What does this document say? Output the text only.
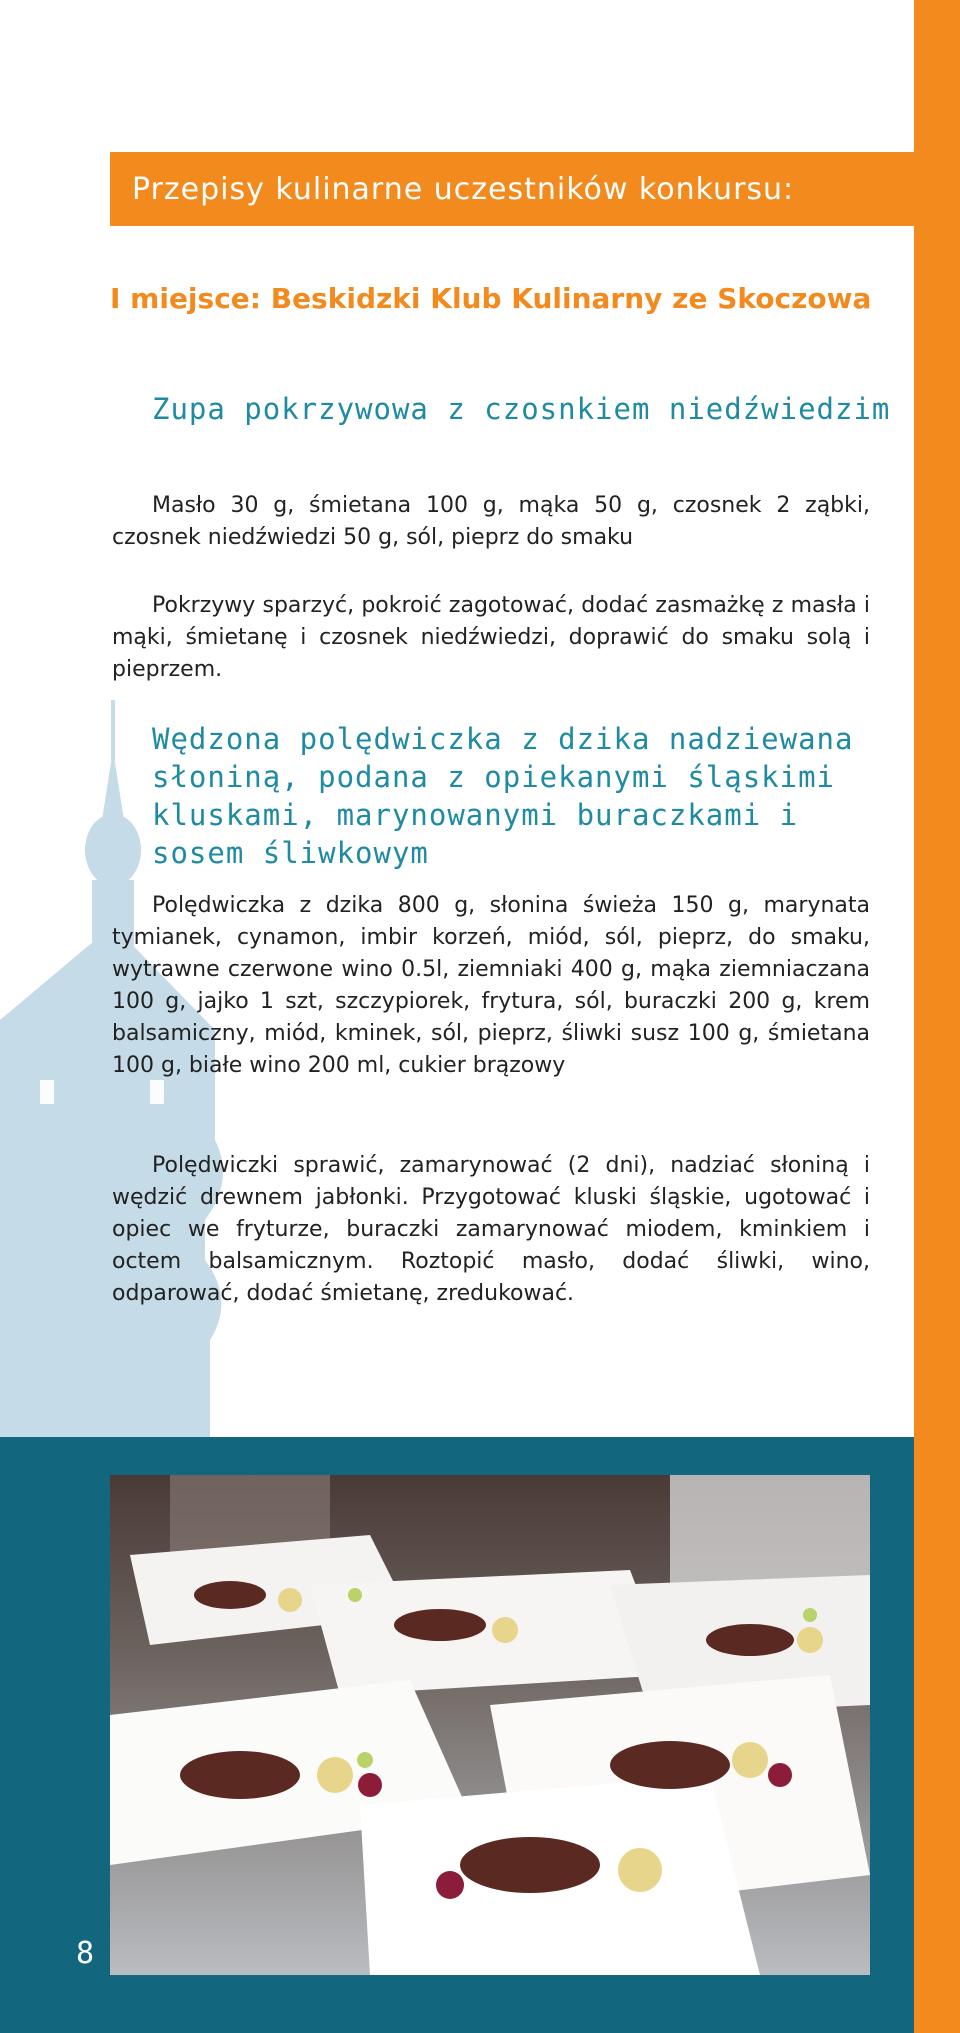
Przepisy kulinarne uczestników konkursu:
I miejsce: Beskidzki Klub Kulinarny ze Skoczowa
Zupa pokrzywowa z czosnkiem niedźwiedzim

Masło 30 g, śmietana 100 g, mąka 50 g, czosnek 2 ząbki, czosnek niedźwiedzi 50 g, sól, pieprz do smaku

Pokrzywy sparzyć, pokroić zagotować, dodać zasmażkę z masła i mąki, śmietanę i czosnek niedźwiedzi, doprawić do smaku solą i pieprzem.

Wędzona polędwiczka z dzika nadziewana słoniną, podana z opiekanymi śląskimi kluskami, marynowanymi buraczkami i sosem śliwkowym

Polędwiczka z dzika 800 g, słonina świeża 150 g, marynata tymianek, cynamon, imbir korzeń, miód, sól, pieprz, do smaku, wytrawne czerwone wino 0.5l, ziemniaki 400 g, mąka ziemniaczana 100 g, jajko 1 szt, szczypiorek, frytura, sól, buraczki 200 g, krem balsamiczny, miód, kminek, sól, pieprz, śliwki susz 100 g, śmietana 100 g, białe wino 200 ml, cukier brązowy

Polędwiczki sprawić, zamarynować (2 dni), nadziać słoniną i wędzić drewnem jabłonki. Przygotować kluski śląskie, ugotować i opiec we fryturze, buraczki zamarynować miodem, kminkiem i octem balsamicznym. Roztopić masło, dodać śliwki, wino, odparować, dodać śmietanę, zredukować.

8
